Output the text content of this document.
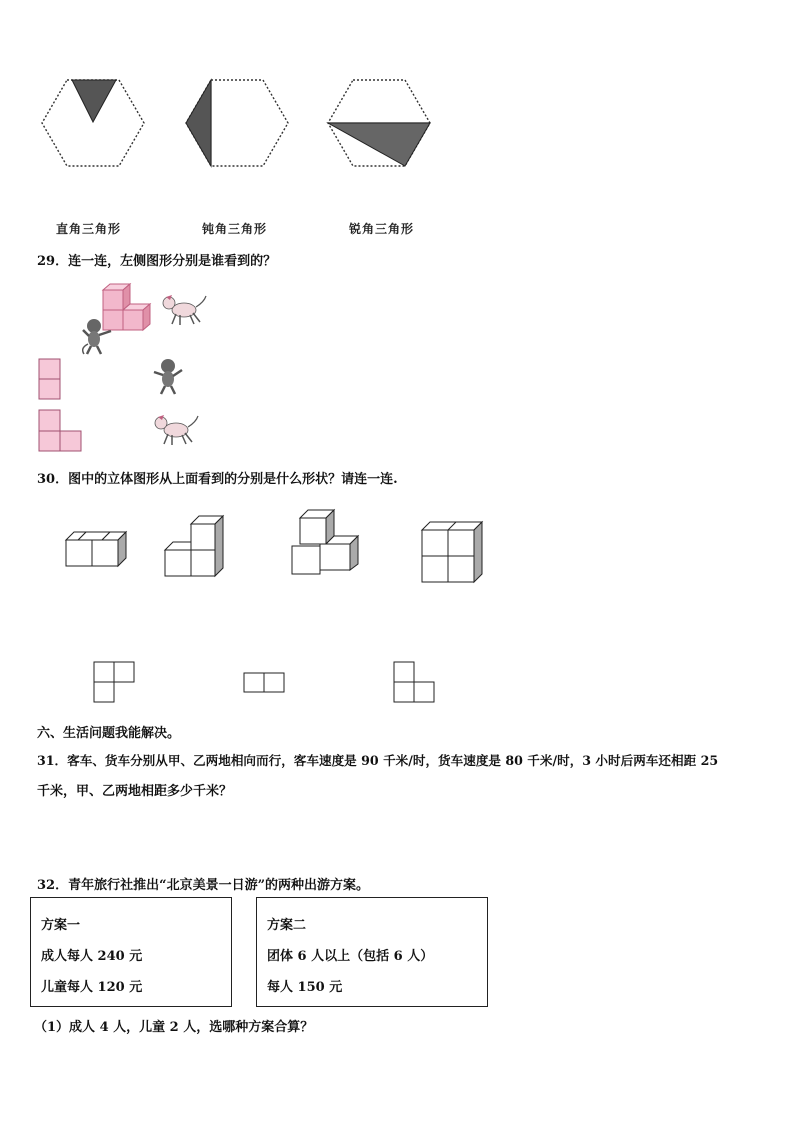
直角三角形	钝角三角形	锐角三角形
29．连一连，左侧图形分别是谁看到的？
30．图中的立体图形从上面看到的分别是什么形状？请连一连.
六、生活问题我能解决。
31．客车、货车分别从甲、乙两地相向而行，客车速度是 90 千米/时，货车速度是 80 千米/时，3 小时后两车还相距 25
千米，甲、乙两地相距多少千米？
32．青年旅行社推出“北京美景一日游”的两种出游方案。
方案一
成人每人 240 元
儿童每人 120 元
方案二
团体 6 人以上（包括 6 人）
每人 150 元
（1）成人 4 人，儿童 2 人，选哪种方案合算？
